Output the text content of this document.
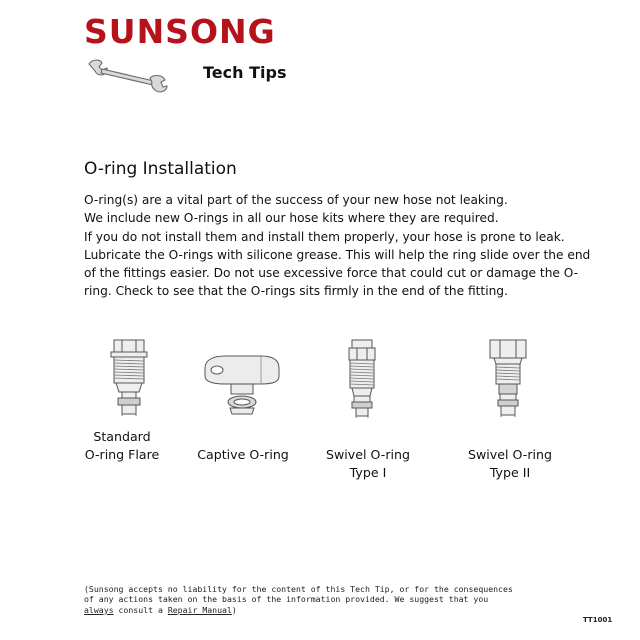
SUNSONG
Tech Tips
O-ring Installation
O-ring(s) are a vital part of the success of your new hose not leaking.
We include new O-rings in all our hose kits where they are required.
If you do not install them and install them properly, your hose is prone to leak.
Lubricate the O-rings with silicone grease. This will help the ring slide over the end
of the fittings easier. Do not use excessive force that could cut or damage the O-
ring. Check to see that the O-rings sits firmly in the end of the fitting.
Standard
O-ring Flare	Captive O-ring	Swivel O-ring
Type I
Swivel O-ring
Type II
(Sunsong accepts no liability for the content of this Tech Tip, or for the consequences
of any actions taken on the basis of the information provided. We suggest that you
always consult a Repair Manual)
TT1001
